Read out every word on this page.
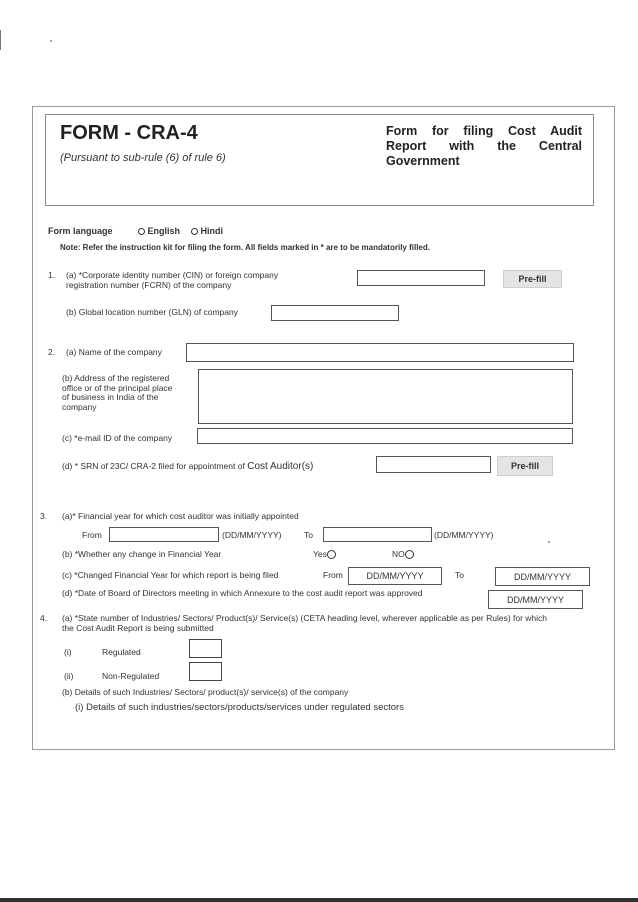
FORM - CRA-4
(Pursuant to sub-rule (6) of rule 6)
Form for filing Cost Audit
Report with the Central
Government
Form language	English	Hindi
Note: Refer the instruction kit for filing the form. All fields marked in * are to be mandatorily filled.
1. (a) *Corporate identity number (CIN) or foreign company
registration number (FCRN) of the company
Pre-fill
(b) Global location number (GLN) of company
2. (a) Name of the company
(b) Address of the registered
office or of the principal place
of business in India of the
company
(c) *e-mail ID of the company
(d) * SRN of 23C/ CRA-2 filed for appointment of Cost Auditor(s)	Pre-fill
3. (a)* Financial year for which cost auditor was initially appointed
From	(DD/MM/YYYY)	To	(DD/MM/YYYY)
(b) *Whether any change in Financial Year	Yes	NO
(c) *Changed Financial Year for which report is being filed	From	DD/MM/YYYY	To	DD/MM/YYYY
(d) *Date of Board of Directors meeting in which Annexure to the cost audit report was approved
DD/MM/YYYY
4. (a) *State number of Industries/ Sectors/ Product(s)/ Service(s) (CETA heading level, wherever applicable as per Rules) for which
the Cost Audit Report is being submitted
(i)	Regulated
(ii)	Non-Regulated
(b) Details of such Industries/ Sectors/ product(s)/ service(s) of the company
(i) Details of such industries/sectors/products/services under regulated sectors
